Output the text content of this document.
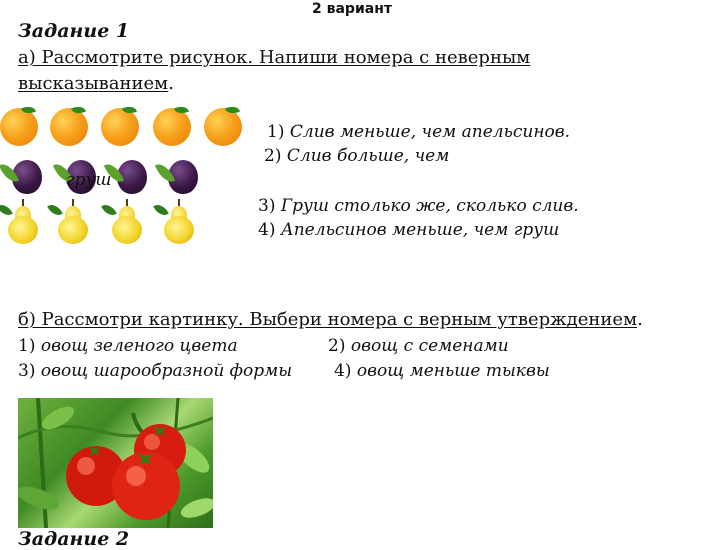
2 вариант
Задание 1
а) Рассмотрите рисунок. Напиши номера с неверным
высказыванием.
груш
1) Слив меньше, чем апельсинов.
2) Слив больше, чем
3) Груш столько же, сколько слив.
4) Апельсинов меньше, чем груш
б) Рассмотри картинку. Выбери номера с верным утверждением.
1) овощ зеленого цвета	2) овощ с семенами
3) овощ шарообразной формы 4) овощ меньше тыквы
Задание 2
